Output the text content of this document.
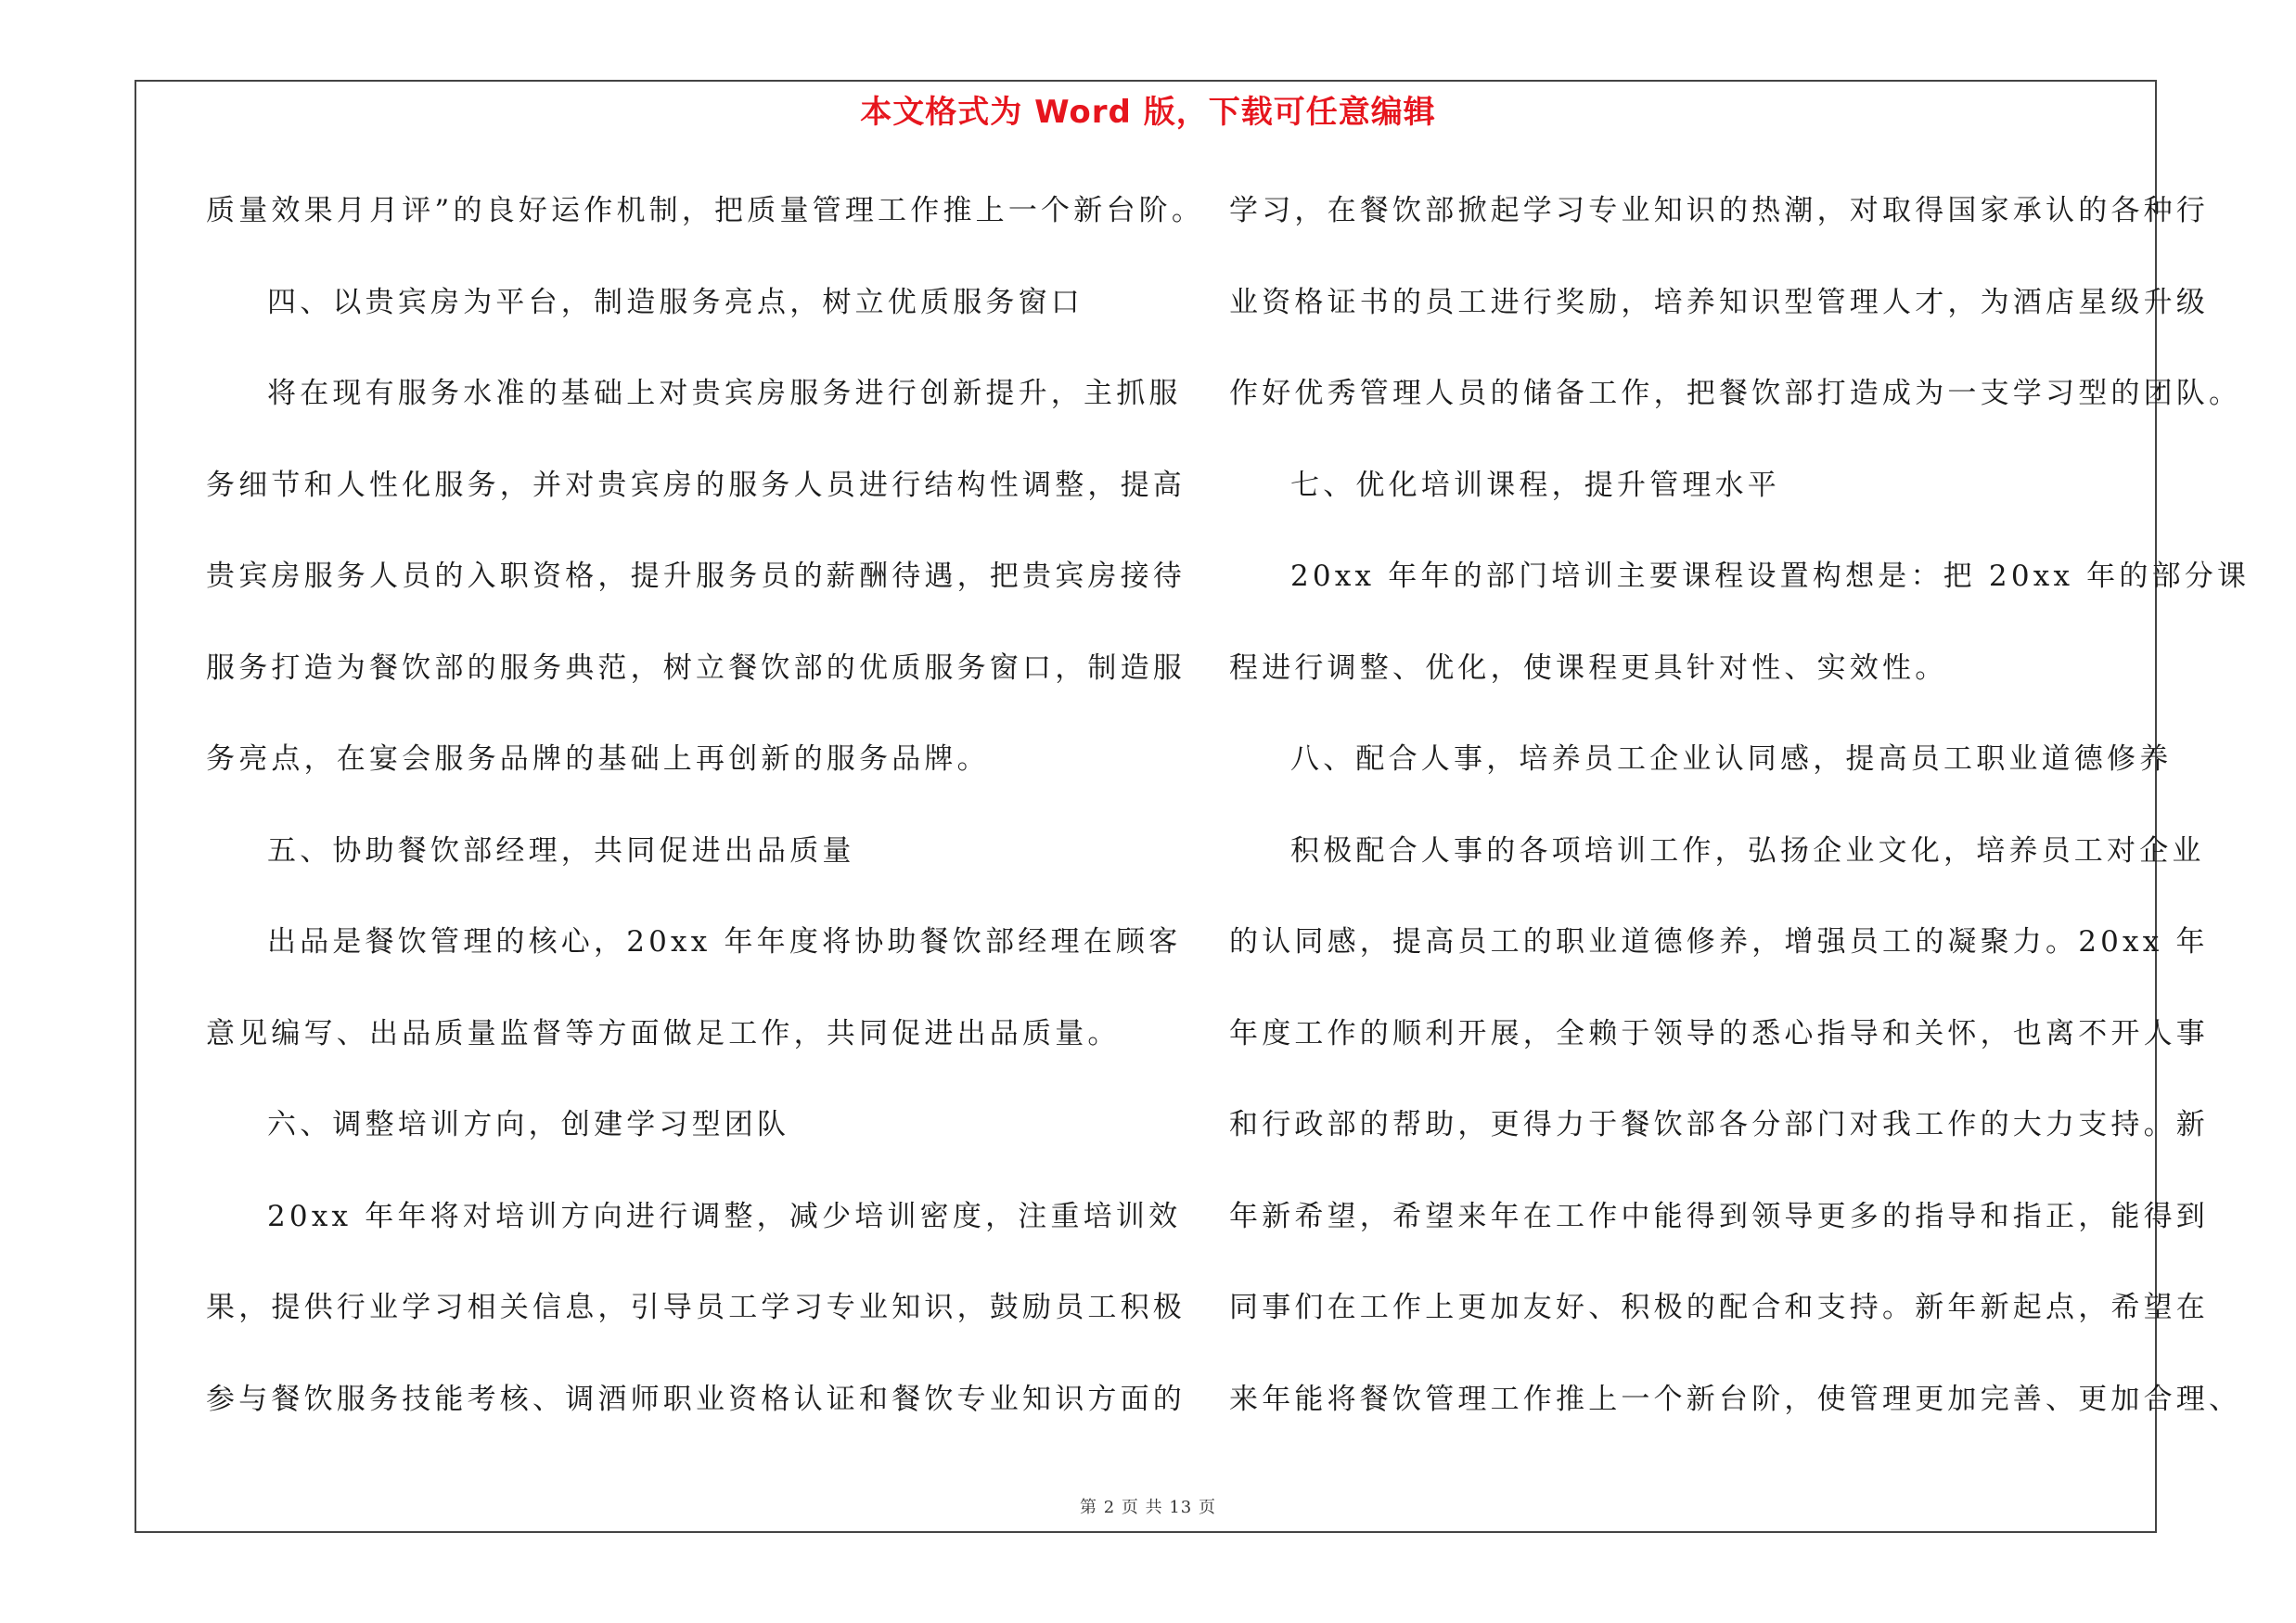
本文格式为 Word 版，下载可任意编辑
质量效果月月评”的良好运作机制，把质量管理工作推上一个新台阶。
四、以贵宾房为平台，制造服务亮点，树立优质服务窗口
将在现有服务水准的基础上对贵宾房服务进行创新提升，主抓服
务细节和人性化服务，并对贵宾房的服务人员进行结构性调整，提高
贵宾房服务人员的入职资格，提升服务员的薪酬待遇，把贵宾房接待
服务打造为餐饮部的服务典范，树立餐饮部的优质服务窗口，制造服
务亮点，在宴会服务品牌的基础上再创新的服务品牌。
五、协助餐饮部经理，共同促进出品质量
出品是餐饮管理的核心，20xx 年年度将协助餐饮部经理在顾客
意见编写、出品质量监督等方面做足工作，共同促进出品质量。
六、调整培训方向，创建学习型团队
20xx 年年将对培训方向进行调整，减少培训密度，注重培训效
果，提供行业学习相关信息，引导员工学习专业知识，鼓励员工积极
参与餐饮服务技能考核、调酒师职业资格认证和餐饮专业知识方面的
学习，在餐饮部掀起学习专业知识的热潮，对取得国家承认的各种行
业资格证书的员工进行奖励，培养知识型管理人才，为酒店星级升级
作好优秀管理人员的储备工作，把餐饮部打造成为一支学习型的团队。
七、优化培训课程，提升管理水平
20xx 年年的部门培训主要课程设置构想是：把 20xx 年的部分课
程进行调整、优化，使课程更具针对性、实效性。
八、配合人事，培养员工企业认同感，提高员工职业道德修养
积极配合人事的各项培训工作，弘扬企业文化，培养员工对企业
的认同感，提高员工的职业道德修养，增强员工的凝聚力。20xx 年
年度工作的顺利开展，全赖于领导的悉心指导和关怀，也离不开人事
和行政部的帮助，更得力于餐饮部各分部门对我工作的大力支持。新
年新希望，希望来年在工作中能得到领导更多的指导和指正，能得到
同事们在工作上更加友好、积极的配合和支持。新年新起点，希望在
来年能将餐饮管理工作推上一个新台阶，使管理更加完善、更加合理、
第 2 页 共 13 页
